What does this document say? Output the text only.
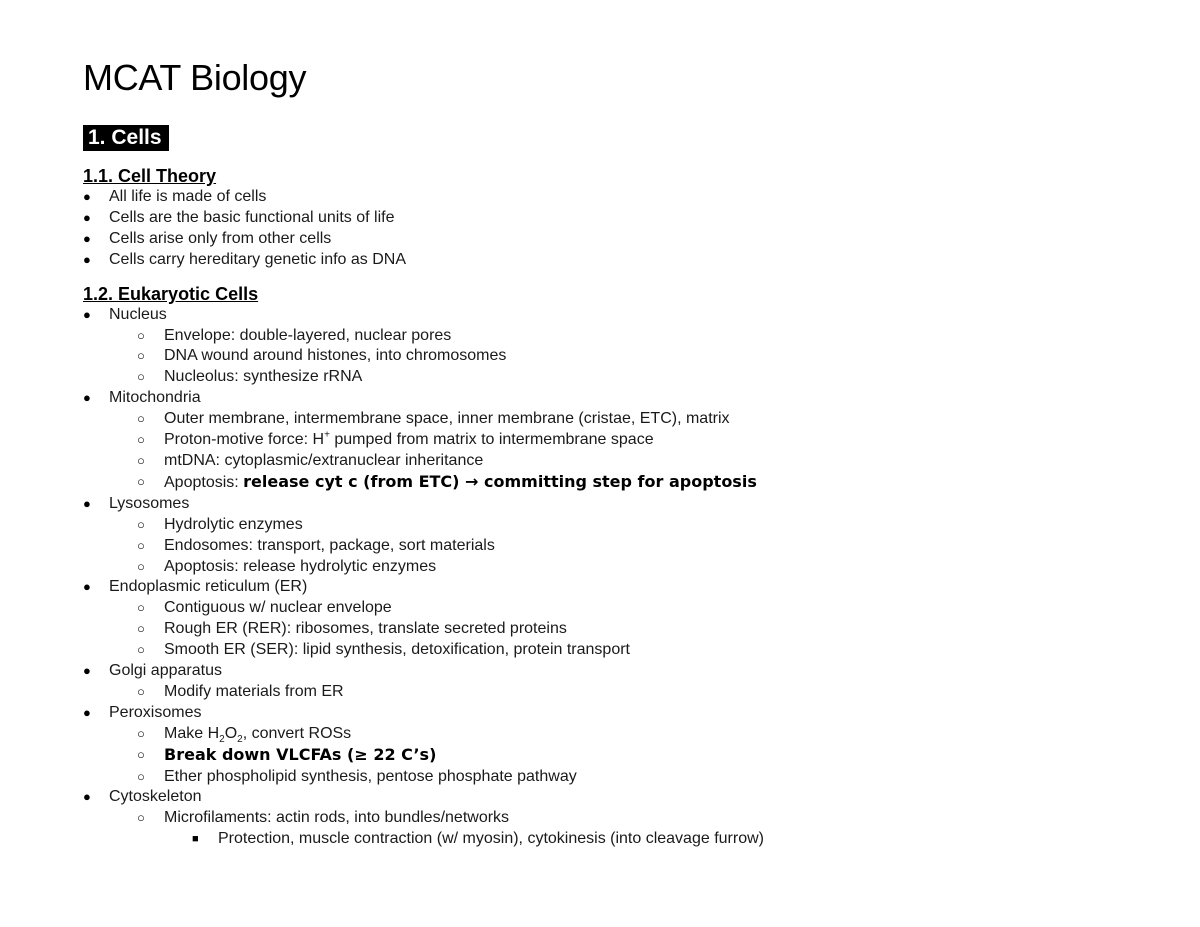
MCAT Biology
1. Cells
1.1. Cell Theory
● All life is made of cells
● Cells are the basic functional units of life
● Cells arise only from other cells
● Cells carry hereditary genetic info as DNA
1.2. Eukaryotic Cells
● Nucleus
○ Envelope: double-layered, nuclear pores
○ DNA wound around histones, into chromosomes
○ Nucleolus: synthesize rRNA
● Mitochondria
○ Outer membrane, intermembrane space, inner membrane (cristae, ETC), matrix
○ Proton-motive force: H+ pumped from matrix to intermembrane space
○ mtDNA: cytoplasmic/extranuclear inheritance
○ Apoptosis: release cyt c (from ETC) → committing step for apoptosis
● Lysosomes
○ Hydrolytic enzymes
○ Endosomes: transport, package, sort materials
○ Apoptosis: release hydrolytic enzymes
● Endoplasmic reticulum (ER)
○ Contiguous w/ nuclear envelope
○ Rough ER (RER): ribosomes, translate secreted proteins
○ Smooth ER (SER): lipid synthesis, detoxification, protein transport
● Golgi apparatus
○ Modify materials from ER
● Peroxisomes
○ Make $H_2O_2$, convert ROSs
○ Break down VLCFAs (≥ 22 C’s)
○ Ether phospholipid synthesis, pentose phosphate pathway
● Cytoskeleton
○ Microfilaments: actin rods, into bundles/networks
■ Protection, muscle contraction (w/ myosin), cytokinesis (into cleavage furrow)
